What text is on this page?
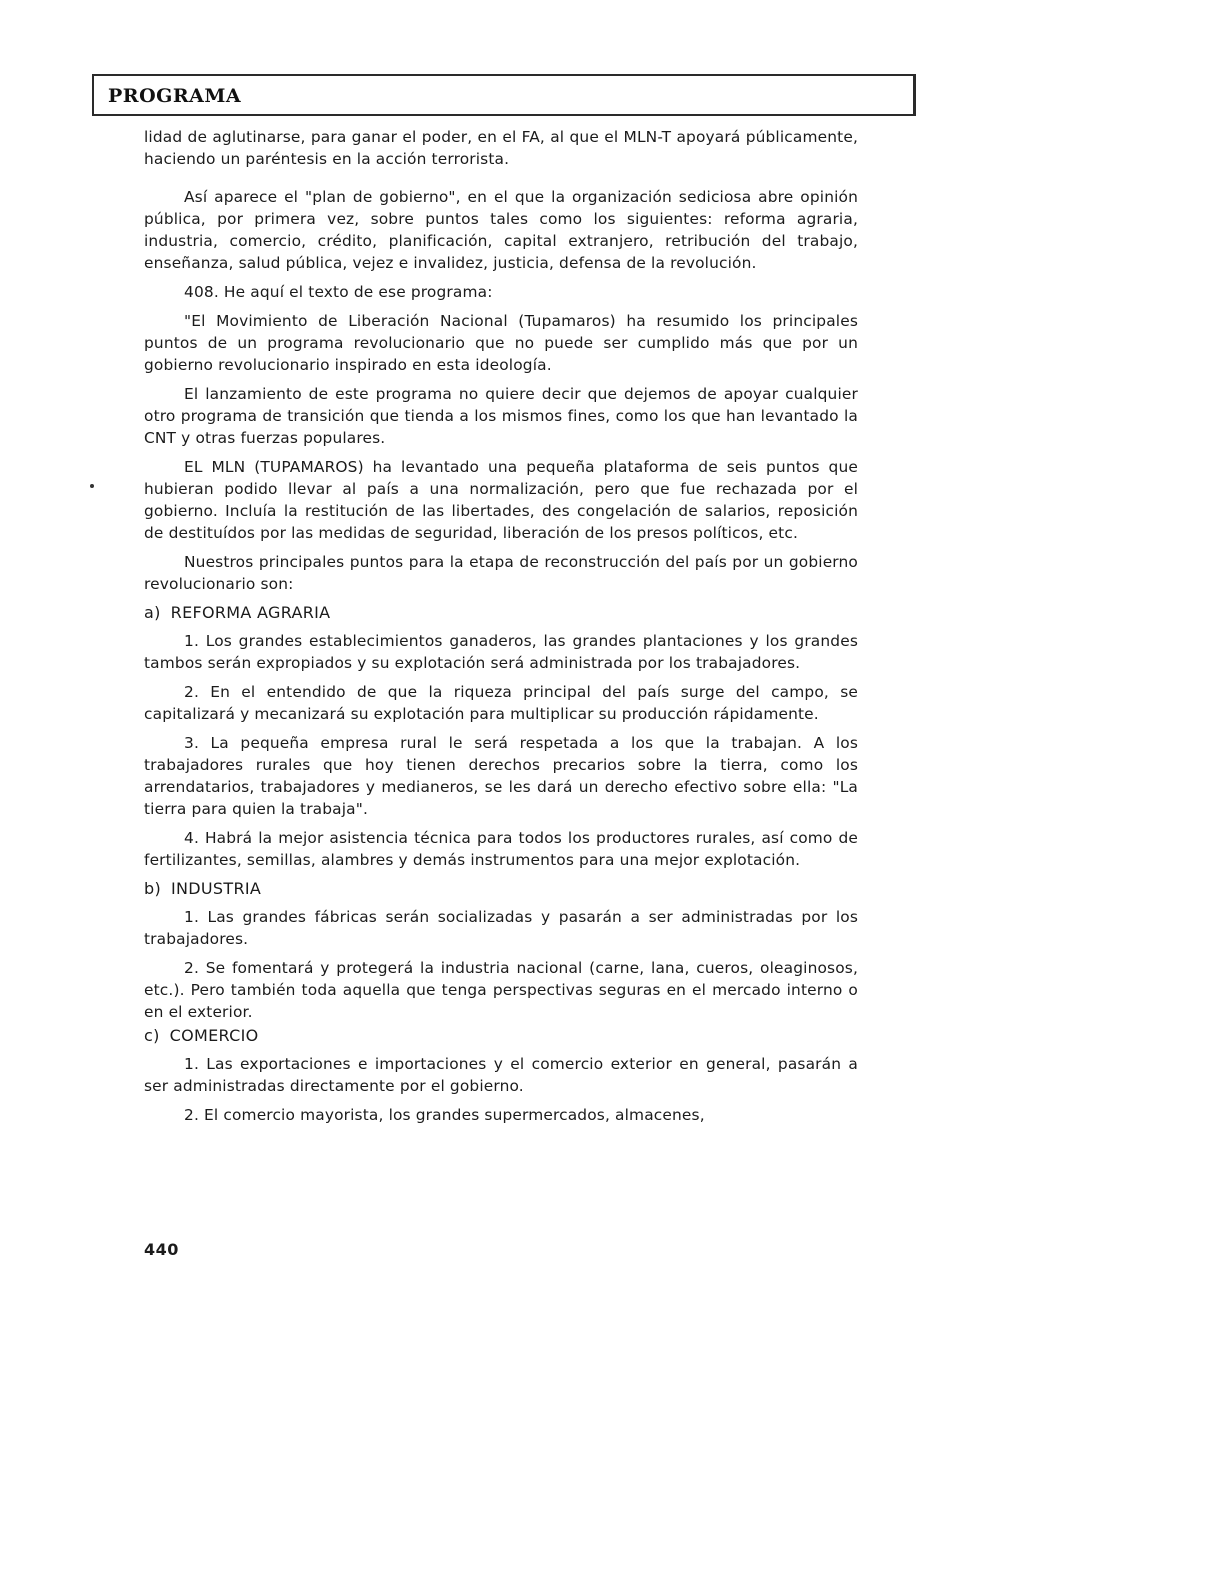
PROGRAMA

lidad de aglutinarse, para ganar el poder, en el FA, al que el MLN-T apoyará públicamente, haciendo un paréntesis en la acción terrorista.

Así aparece el "plan de gobierno", en el que la organización sediciosa abre opinión pública, por primera vez, sobre puntos tales como los siguientes: reforma agraria, industria, comercio, crédito, planificación, capital extranjero, retribución del trabajo, enseñanza, salud pública, vejez e invalidez, justicia, defensa de la revolución.

408. He aquí el texto de ese programa:

"El Movimiento de Liberación Nacional (Tupamaros) ha resumido los principales puntos de un programa revolucionario que no puede ser cumplido más que por un gobierno revolucionario inspirado en esta ideología.

El lanzamiento de este programa no quiere decir que dejemos de apoyar cualquier otro programa de transición que tienda a los mismos fines, como los que han levantado la CNT y otras fuerzas populares.

EL MLN (TUPAMAROS) ha levantado una pequeña plataforma de seis puntos que hubieran podido llevar al país a una normalización, pero que fue rechazada por el gobierno. Incluía la restitución de las libertades, des congelación de salarios, reposición de destituídos por las medidas de seguridad, liberación de los presos políticos, etc.

Nuestros principales puntos para la etapa de reconstrucción del país por un gobierno revolucionario son:

a) REFORMA AGRARIA

1. Los grandes establecimientos ganaderos, las grandes plantaciones y los grandes tambos serán expropiados y su explotación será administrada por los trabajadores.

2. En el entendido de que la riqueza principal del país surge del campo, se capitalizará y mecanizará su explotación para multiplicar su producción rápidamente.

3. La pequeña empresa rural le será respetada a los que la trabajan. A los trabajadores rurales que hoy tienen derechos precarios sobre la tierra, como los arrendatarios, trabajadores y medianeros, se les dará un derecho efectivo sobre ella: "La tierra para quien la trabaja".

4. Habrá la mejor asistencia técnica para todos los productores rurales, así como de fertilizantes, semillas, alambres y demás instrumentos para una mejor explotación.

b) INDUSTRIA

1. Las grandes fábricas serán socializadas y pasarán a ser administradas por los trabajadores.

2. Se fomentará y protegerá la industria nacional (carne, lana, cueros, oleaginosos, etc.). Pero también toda aquella que tenga perspectivas seguras en el mercado interno o en el exterior.

c) COMERCIO

1. Las exportaciones e importaciones y el comercio exterior en general, pasarán a ser administradas directamente por el gobierno.

2. El comercio mayorista, los grandes supermercados, almacenes,

440
